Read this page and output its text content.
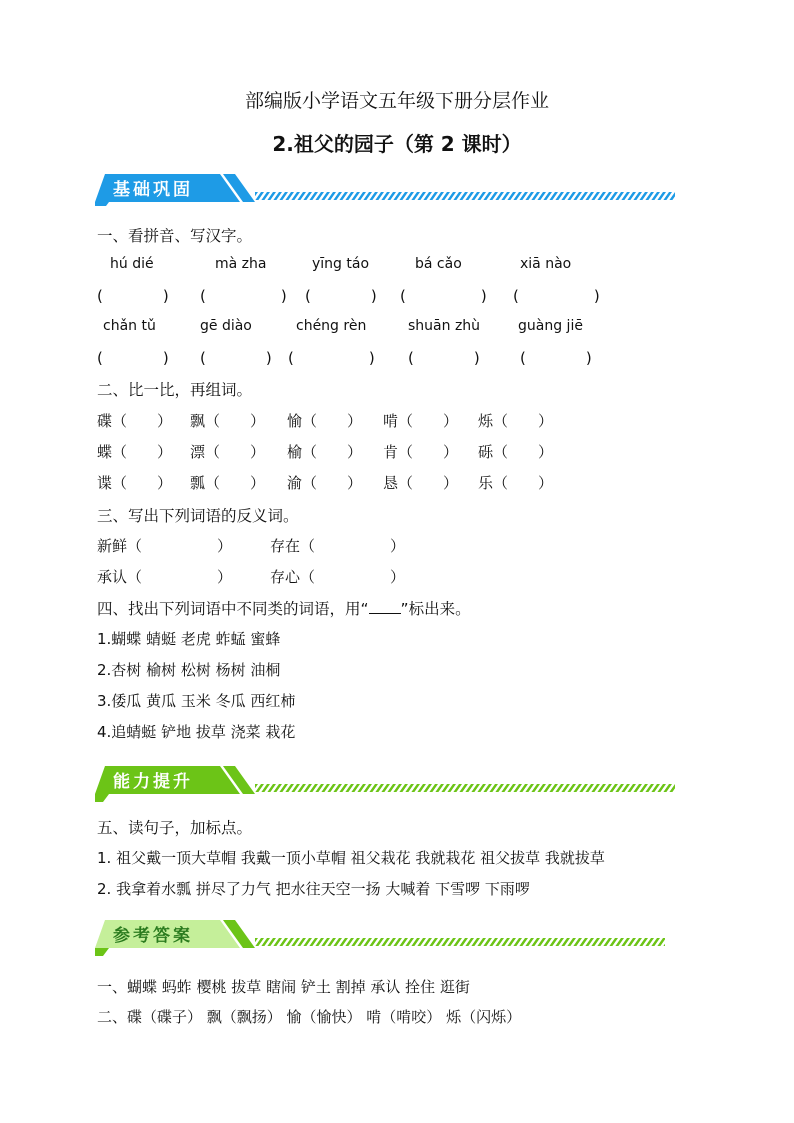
部编版小学语文五年级下册分层作业
2.祖父的园子（第 2 课时）
基础巩固
一、看拼音、写汉字。
hú dié	mà zha	yīng táo	bá cǎo	xiā nào
(　　　　) (　　　　　) (　　　　) (　　　　　) (　　　　　)
chǎn tǔ	gē diào	chéng rèn	shuān zhù	guàng jiē
(　　　　) (　　　　) (　　　　　) (　　　　)	(　　　　)
二、比一比，再组词。
碟（　　） 飘（　　） 愉（　　） 啃（　　） 烁（　　）
蝶（　　） 漂（　　） 榆（　　） 肯（　　） 砾（　　）
谍（　　） 瓢（　　） 渝（　　） 恳（　　） 乐（　　）
三、写出下列词语的反义词。
新鲜（　　　　　）	存在（　　　　　）
承认（　　　　　）	存心（　　　　　）
四、找出下列词语中不同类的词语，用“ ”标出来。
1.蝴蝶 蜻蜓 老虎 蚱蜢 蜜蜂
2.杏树 榆树 松树 杨树 油桐
3.倭瓜 黄瓜 玉米 冬瓜 西红柿
4.追蜻蜓 铲地 拔草 浇菜 栽花
能力提升
五、读句子，加标点。
1. 祖父戴一顶大草帽 我戴一顶小草帽 祖父栽花 我就栽花 祖父拔草 我就拔草
2. 我拿着水瓢 拼尽了力气 把水往天空一扬 大喊着 下雪啰 下雨啰
参考答案
一、蝴蝶 蚂蚱 樱桃 拔草 瞎闹 铲土 割掉 承认 拴住 逛街
二、碟（碟子） 飘（飘扬） 愉（愉快） 啃（啃咬） 烁（闪烁）
